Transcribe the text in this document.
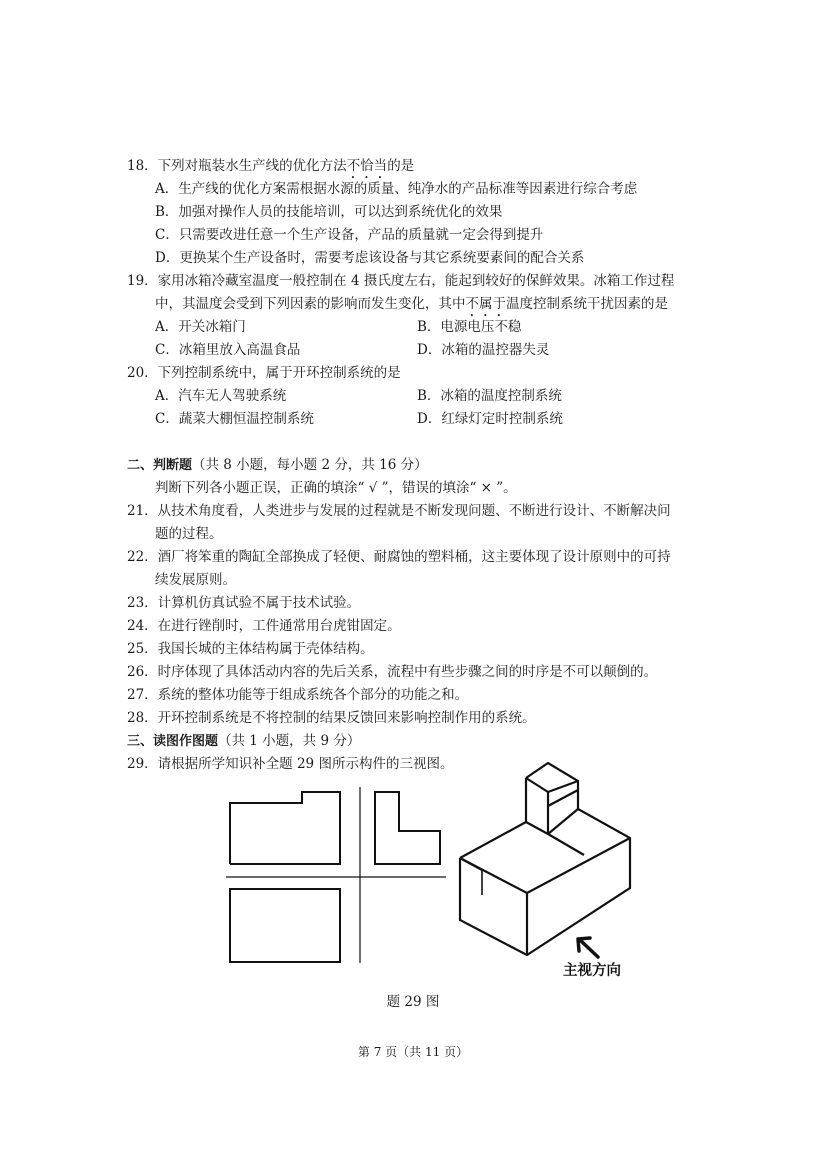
18．下列对瓶装水生产线的优化方法不恰当的是
A．生产线的优化方案需根据水源的质量、纯净水的产品标准等因素进行综合考虑
B．加强对操作人员的技能培训，可以达到系统优化的效果
C．只需要改进任意一个生产设备，产品的质量就一定会得到提升
D．更换某个生产设备时，需要考虑该设备与其它系统要素间的配合关系
19．家用冰箱冷藏室温度一般控制在 4 摄氏度左右，能起到较好的保鲜效果。冰箱工作过程
中，其温度会受到下列因素的影响而发生变化，其中不属于温度控制系统干扰因素的是
A．开关冰箱门	B．电源电压不稳
C．冰箱里放入高温食品	D．冰箱的温控器失灵
20．下列控制系统中，属于开环控制系统的是
A．汽车无人驾驶系统	B．冰箱的温度控制系统
C．蔬菜大棚恒温控制系统	D．红绿灯定时控制系统
二、判断题（共 8 小题，每小题 2 分，共 16 分）
判断下列各小题正误，正确的填涂“ √ ”，错误的填涂“ × ”。
21．从技术角度看，人类进步与发展的过程就是不断发现问题、不断进行设计、不断解决问
题的过程。
22．酒厂将笨重的陶缸全部换成了轻便、耐腐蚀的塑料桶，这主要体现了设计原则中的可持
续发展原则。
23．计算机仿真试验不属于技术试验。
24．在进行锉削时，工件通常用台虎钳固定。
25．我国长城的主体结构属于壳体结构。
26．时序体现了具体活动内容的先后关系，流程中有些步骤之间的时序是不可以颠倒的。
27．系统的整体功能等于组成系统各个部分的功能之和。
28．开环控制系统是不将控制的结果反馈回来影响控制作用的系统。
三、读图作图题（共 1 小题，共 9 分）
29．请根据所学知识补全题 29 图所示构件的三视图。
主视方向
题 29 图
第 7 页（共 11 页）
